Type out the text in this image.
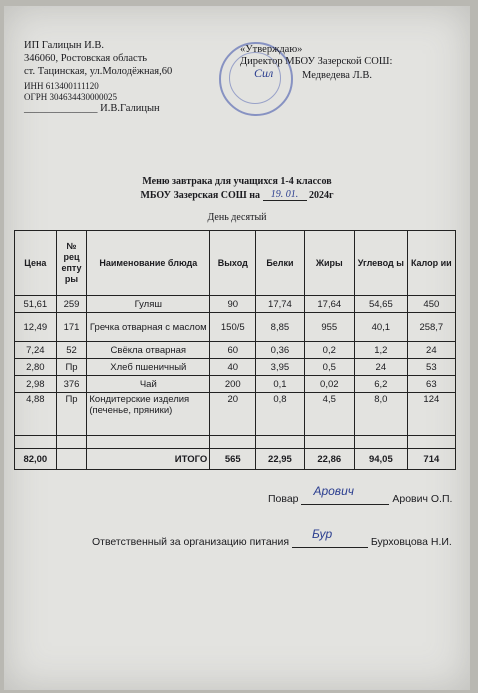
ИП Галицын И.В.
346060, Ростовская область
ст. Тацинская, ул.Молодёжная,60
ИНН 613400111120
ОГРН 304634430000025
______________ И.В.Галицын
«Утверждаю»
Директор МБОУ Зазерской СОШ:
Сил	Медведева Л.В.
Меню завтрака для учащихся 1-4 классов
МБОУ Зазерская СОШ на 19. 01. 2024г
День десятый
Цена	№ рец епту ры	Наименование блюда	Выход	Белки	Жиры	Углевод ы	Калор ии
51,61	259	Гуляш	90	17,74	17,64	54,65	450
12,49	171	Гречка отварная с маслом	150/5	8,85	955	40,1	258,7
7,24	52	Свёкла отварная	60	0,36	0,2	1,2	24
2,80	Пр	Хлеб пшеничный	40	3,95	0,5	24	53
2,98	376	Чай	200	0,1	0,02	6,2	63
4,88	Пр	Кондитерские изделия (печенье, пряники)	20	0,8	4,5	8,0	124

82,00		ИТОГО	565	22,95	22,86	94,05	714
Повар
Арович
Арович О.П.
Ответственный за организацию питания
Бур
Бурховцова Н.И.
